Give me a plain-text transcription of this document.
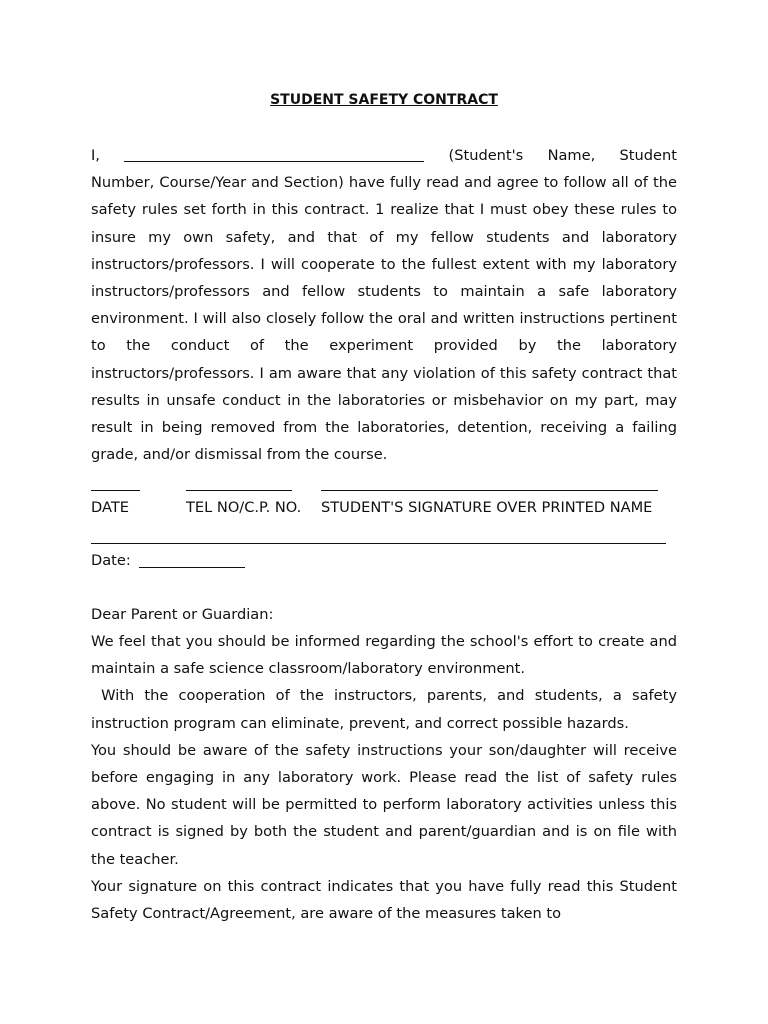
STUDENT SAFETY CONTRACT
I,	(Student's Name, Student
Number, Course/Year and Section) have fully read and agree to follow all of the safety rules set forth in this contract. 1 realize that I must obey these rules to insure my own safety, and that of my fellow students and laboratory instructors/professors. I will cooperate to the fullest extent with my laboratory instructors/professors and fellow students to maintain a safe laboratory environment. I will also closely follow the oral and written instructions pertinent to the conduct of the experiment provided by the laboratory instructors/professors. I am aware that any violation of this safety contract that results in unsafe conduct in the laboratories or misbehavior on my part, may result in being removed from the laboratories, detention, receiving a failing grade, and/or dismissal from the course.
DATE	TEL NO/C.P. NO. STUDENT'S SIGNATURE OVER PRINTED NAME
Date:
Dear Parent or Guardian:
We feel that you should be informed regarding the school's effort to create and maintain a safe science classroom/laboratory environment.
With the cooperation of the instructors, parents, and students, a safety instruction program can eliminate, prevent, and correct possible hazards.
You should be aware of the safety instructions your son/daughter will receive before engaging in any laboratory work. Please read the list of safety rules above. No student will be permitted to perform laboratory activities unless this contract is signed by both the student and parent/guardian and is on file with the teacher.
Your signature on this contract indicates that you have fully read this Student Safety Contract/Agreement, are aware of the measures taken to
